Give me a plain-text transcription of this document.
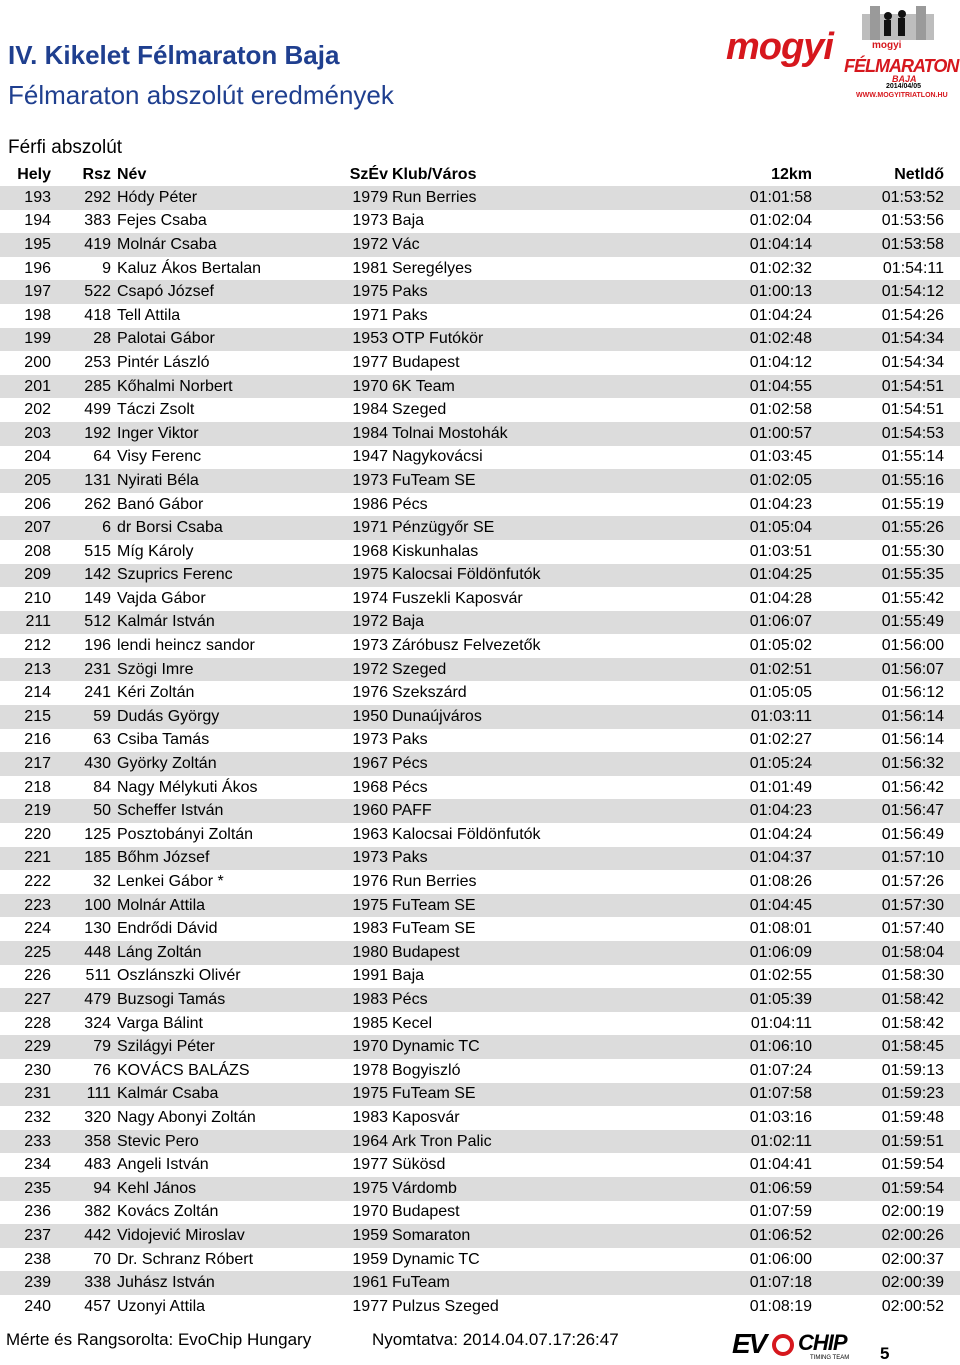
IV. Kikelet Félmaraton Baja
Félmaraton abszolút eredmények
Férfi abszolút
mogyi	mogyi
FÉLMARATON
BAJA
2014/04/05
WWW.MOGYITRIATLON.HU
Hely	Rsz	Név	SzÉv	Klub/Város	12km	Netldő
193	292	Hódy Péter	1979	Run Berries	01:01:58	01:53:52
194	383	Fejes Csaba	1973	Baja	01:02:04	01:53:56
195	419	Molnár Csaba	1972	Vác	01:04:14	01:53:58
196	9	Kaluz Ákos Bertalan	1981	Seregélyes	01:02:32	01:54:11
197	522	Csapó József	1975	Paks	01:00:13	01:54:12
198	418	Tell Attila	1971	Paks	01:04:24	01:54:26
199	28	Palotai Gábor	1953	OTP Futókör	01:02:48	01:54:34
200	253	Pintér László	1977	Budapest	01:04:12	01:54:34
201	285	Kőhalmi Norbert	1970	6K Team	01:04:55	01:54:51
202	499	Táczi Zsolt	1984	Szeged	01:02:58	01:54:51
203	192	Inger Viktor	1984	Tolnai Mostohák	01:00:57	01:54:53
204	64	Visy Ferenc	1947	Nagykovácsi	01:03:45	01:55:14
205	131	Nyirati Béla	1973	FuTeam SE	01:02:05	01:55:16
206	262	Banó Gábor	1986	Pécs	01:04:23	01:55:19
207	6	dr Borsi Csaba	1971	Pénzügyőr SE	01:05:04	01:55:26
208	515	Míg Károly	1968	Kiskunhalas	01:03:51	01:55:30
209	142	Szuprics Ferenc	1975	Kalocsai Földönfutók	01:04:25	01:55:35
210	149	Vajda Gábor	1974	Fuszekli Kaposvár	01:04:28	01:55:42
211	512	Kalmár István	1972	Baja	01:06:07	01:55:49
212	196	lendi heincz sandor	1973	Záróbusz Felvezetők	01:05:02	01:56:00
213	231	Szögi Imre	1972	Szeged	01:02:51	01:56:07
214	241	Kéri Zoltán	1976	Szekszárd	01:05:05	01:56:12
215	59	Dudás György	1950	Dunaújváros	01:03:11	01:56:14
216	63	Csiba Tamás	1973	Paks	01:02:27	01:56:14
217	430	Györky Zoltán	1967	Pécs	01:05:24	01:56:32
218	84	Nagy Mélykuti Ákos	1968	Pécs	01:01:49	01:56:42
219	50	Scheffer István	1960	PAFF	01:04:23	01:56:47
220	125	Posztobányi Zoltán	1963	Kalocsai Földönfutók	01:04:24	01:56:49
221	185	Bőhm József	1973	Paks	01:04:37	01:57:10
222	32	Lenkei Gábor *	1976	Run Berries	01:08:26	01:57:26
223	100	Molnár Attila	1975	FuTeam SE	01:04:45	01:57:30
224	130	Endrődi Dávid	1983	FuTeam SE	01:08:01	01:57:40
225	448	Láng Zoltán	1980	Budapest	01:06:09	01:58:04
226	511	Oszlánszki Olivér	1991	Baja	01:02:55	01:58:30
227	479	Buzsogi Tamás	1983	Pécs	01:05:39	01:58:42
228	324	Varga Bálint	1985	Kecel	01:04:11	01:58:42
229	79	Szilágyi Péter	1970	Dynamic TC	01:06:10	01:58:45
230	76	KOVÁCS BALÁZS	1978	Bogyiszló	01:07:24	01:59:13
231	111	Kalmár Csaba	1975	FuTeam SE	01:07:58	01:59:23
232	320	Nagy Abonyi Zoltán	1983	Kaposvár	01:03:16	01:59:48
233	358	Stevic Pero	1964	Ark Tron Palic	01:02:11	01:59:51
234	483	Angeli István	1977	Sükösd	01:04:41	01:59:54
235	94	Kehl János	1975	Várdomb	01:06:59	01:59:54
236	382	Kovács Zoltán	1970	Budapest	01:07:59	02:00:19
237	442	Vidojević Miroslav	1959	Somaraton	01:06:52	02:00:26
238	70	Dr. Schranz Róbert	1959	Dynamic TC	01:06:00	02:00:37
239	338	Juhász István	1961	FuTeam	01:07:18	02:00:39
240	457	Uzonyi Attila	1977	Pulzus Szeged	01:08:19	02:00:52
Mérte és Rangsorolta: EvoChip Hungary	Nyomtatva: 2014.04.07.17:26:47	EV CHIP
TIMING TEAM 5
